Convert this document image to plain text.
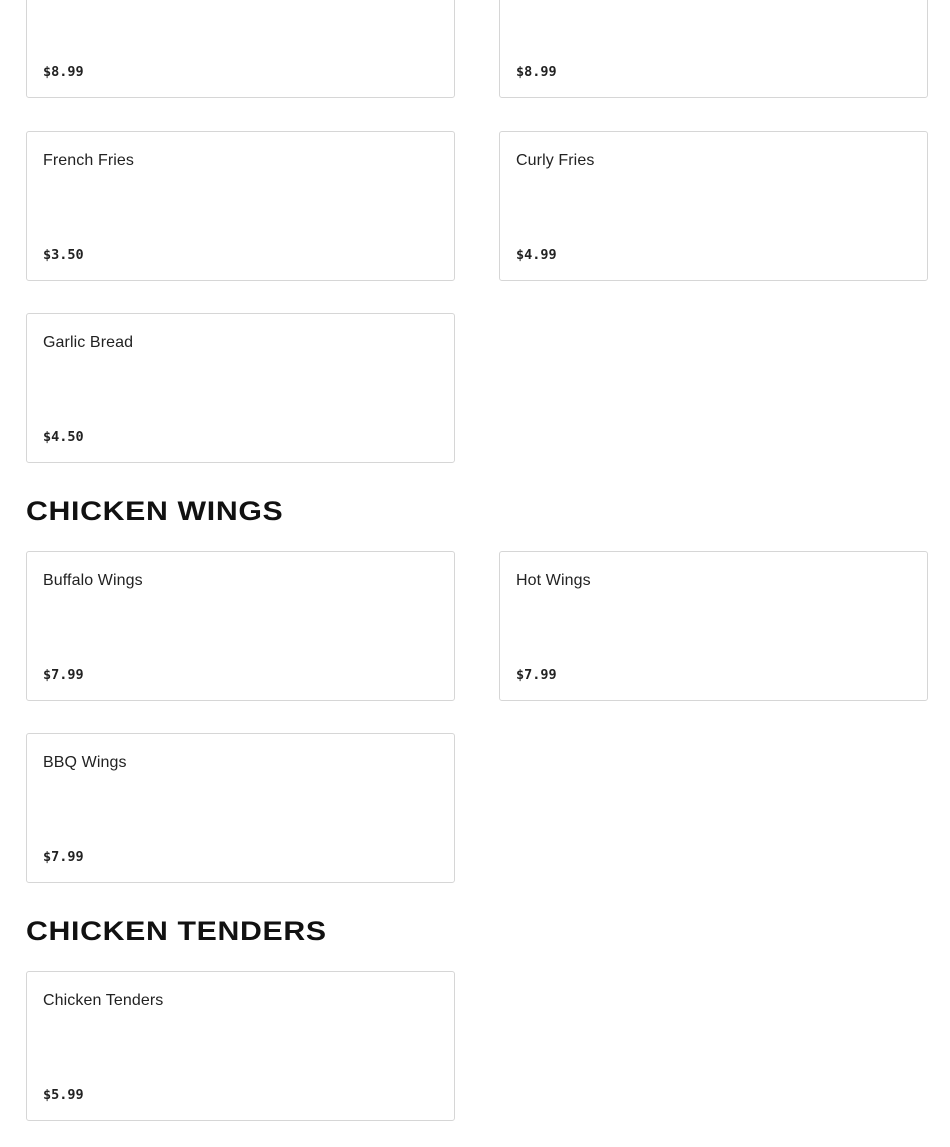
$8.99	$8.99
French Fries
$3.50
Curly Fries
$4.99
Garlic Bread
$4.50
CHICKEN WINGS
Buffalo Wings
$7.99
Hot Wings
$7.99
BBQ Wings
$7.99
CHICKEN TENDERS
Chicken Tenders
$5.99
